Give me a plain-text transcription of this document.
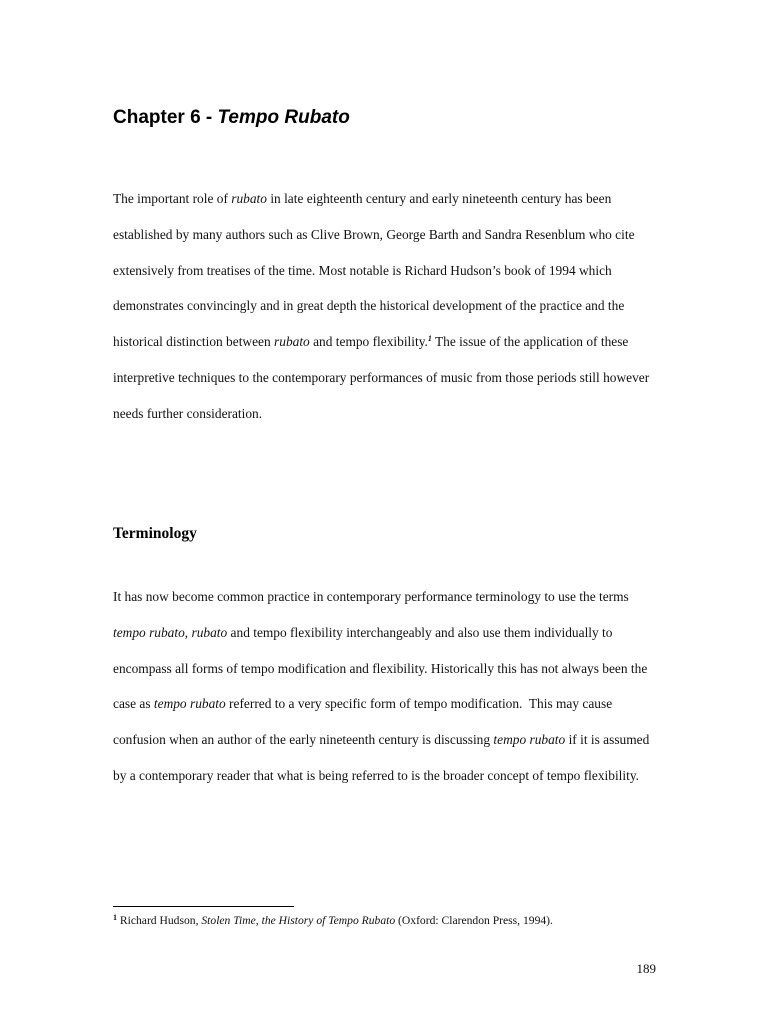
Chapter 6 - Tempo Rubato

The important role of rubato in late eighteenth century and early nineteenth century has been established by many authors such as Clive Brown, George Barth and Sandra Resenblum who cite extensively from treatises of the time. Most notable is Richard Hudson’s book of 1994 which demonstrates convincingly and in great depth the historical development of the practice and the historical distinction between rubato and tempo flexibility.$^1$ The issue of the application of these interpretive techniques to the contemporary performances of music from those periods still however needs further consideration.

Terminology

It has now become common practice in contemporary performance terminology to use the terms tempo rubato, rubato and tempo flexibility interchangeably and also use them individually to encompass all forms of tempo modification and flexibility. Historically this has not always been the case as tempo rubato referred to a very specific form of tempo modification.  This may cause confusion when an author of the early nineteenth century is discussing tempo rubato if it is assumed by a contemporary reader that what is being referred to is the broader concept of tempo flexibility.

$^1$ Richard Hudson, Stolen Time, the History of Tempo Rubato (Oxford: Clarendon Press, 1994).

189
